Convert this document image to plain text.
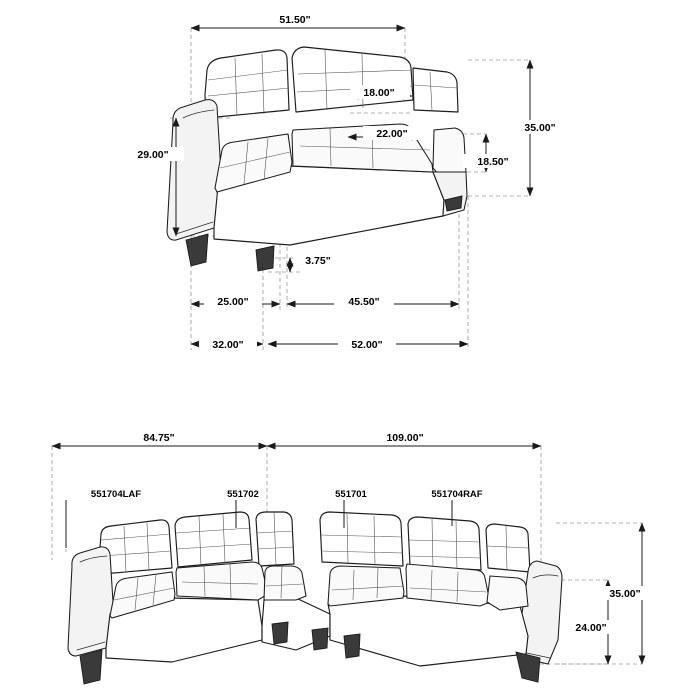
51.50"
18.00"
22.00"	35.00"
29.00"
18.50"
3.75"
25.00"	45.50"
32.00"	52.00"
84.75"	109.00"
35.00"
24.00"
551704LAF	551702	551701	551704RAF
